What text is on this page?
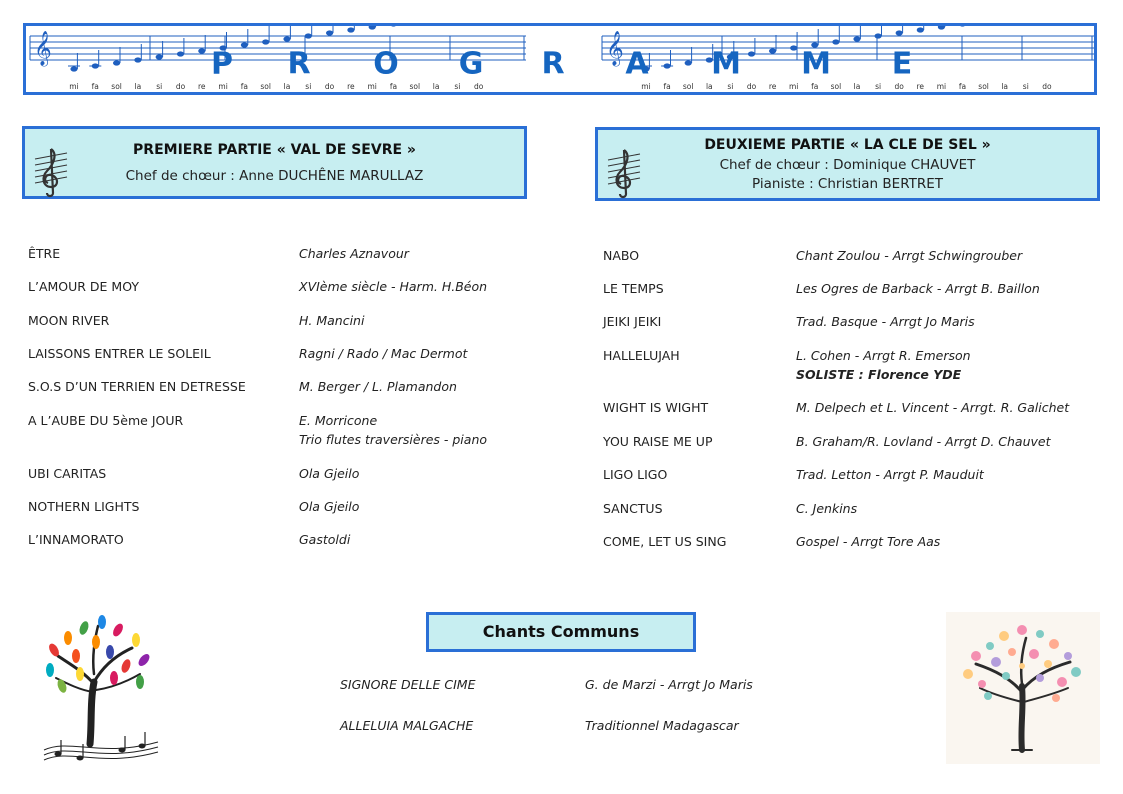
𝄞
mi fa sol la si do re mi fa sol la si do re mi fa sol la si do
𝄞
mi fa sol la si do re mi fa sol la si do re mi fa sol la si do
P R O G R A M M E
PREMIERE PARTIE « VAL DE SEVRE »
Chef de chœur : Anne DUCHÊNE MARULLAZ
DEUXIEME PARTIE « LA CLE DE SEL »
Chef de chœur : Dominique CHAUVET
Pianiste : Christian BERTRET
ÊTRE	Charles Aznavour
L’AMOUR DE MOY	XVIème siècle - Harm. H.Béon
MOON RIVER	H. Mancini
LAISSONS ENTRER LE SOLEIL	Ragni / Rado / Mac Dermot
S.O.S D’UN TERRIEN EN DETRESSE	M. Berger / L. Plamandon
A L’AUBE DU 5ème JOUR	E. Morricone
Trio flutes traversières - piano
UBI CARITAS	Ola Gjeilo
NOTHERN LIGHTS	Ola Gjeilo
L’INNAMORATO	Gastoldi
NABO	Chant Zoulou - Arrgt Schwingrouber
LE TEMPS	Les Ogres de Barback - Arrgt B. Baillon
JEIKI JEIKI	Trad. Basque - Arrgt Jo Maris
HALLELUJAH	L. Cohen - Arrgt R. Emerson
SOLISTE : Florence YDE
WIGHT IS WIGHT	M. Delpech et L. Vincent - Arrgt. R. Galichet
YOU RAISE ME UP	B. Graham/R. Lovland - Arrgt D. Chauvet
LIGO LIGO	Trad. Letton - Arrgt P. Mauduit
SANCTUS	C. Jenkins
COME, LET US SING	Gospel - Arrgt Tore Aas
Chants Communs
SIGNORE DELLE CIME	G. de Marzi - Arrgt Jo Maris
ALLELUIA MALGACHE	Traditionnel Madagascar
